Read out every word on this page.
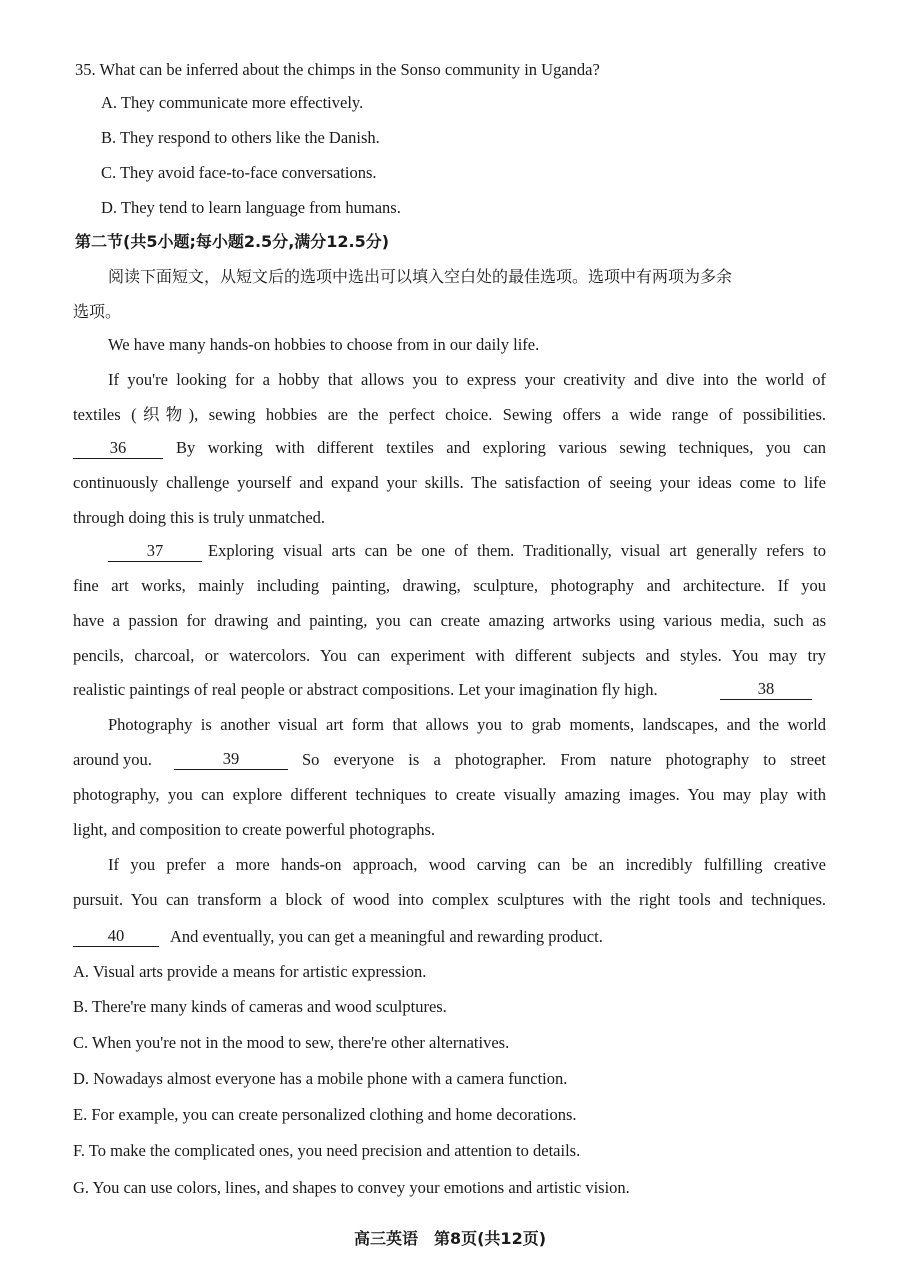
35. What can be inferred about the chimps in the Sonso community in Uganda?
A. They communicate more effectively.
B. They respond to others like the Danish.
C. They avoid face-to-face conversations.
D. They tend to learn language from humans.
第二节(共5小题;每小题2.5分,满分12.5分)
阅读下面短文，从短文后的选项中选出可以填入空白处的最佳选项。选项中有两项为多余
选项。
We have many hands-on hobbies to choose from in our daily life.
If you're looking for a hobby that allows you to express your creativity and dive into the world of
textiles (织物), sewing hobbies are the perfect choice. Sewing offers a wide range of possibilities.
36	By working with different textiles and exploring various sewing techniques, you can
continuously challenge yourself and expand your skills. The satisfaction of seeing your ideas come to life
through doing this is truly unmatched.
37	Exploring visual arts can be one of them. Traditionally, visual art generally refers to
fine art works, mainly including painting, drawing, sculpture, photography and architecture. If you
have a passion for drawing and painting, you can create amazing artworks using various media, such as
pencils, charcoal, or watercolors. You can experiment with different subjects and styles. You may try
realistic paintings of real people or abstract compositions. Let your imagination fly high.	38
Photography is another visual art form that allows you to grab moments, landscapes, and the world
around you.	39	So everyone is a photographer. From nature photography to street
photography, you can explore different techniques to create visually amazing images. You may play with
light, and composition to create powerful photographs.
If you prefer a more hands-on approach, wood carving can be an incredibly fulfilling creative
pursuit. You can transform a block of wood into complex sculptures with the right tools and techniques.
40	And eventually, you can get a meaningful and rewarding product.
A. Visual arts provide a means for artistic expression.
B. There're many kinds of cameras and wood sculptures.
C. When you're not in the mood to sew, there're other alternatives.
D. Nowadays almost everyone has a mobile phone with a camera function.
E. For example, you can create personalized clothing and home decorations.
F. To make the complicated ones, you need precision and attention to details.
G. You can use colors, lines, and shapes to convey your emotions and artistic vision.
高三英语　第8页(共12页)
